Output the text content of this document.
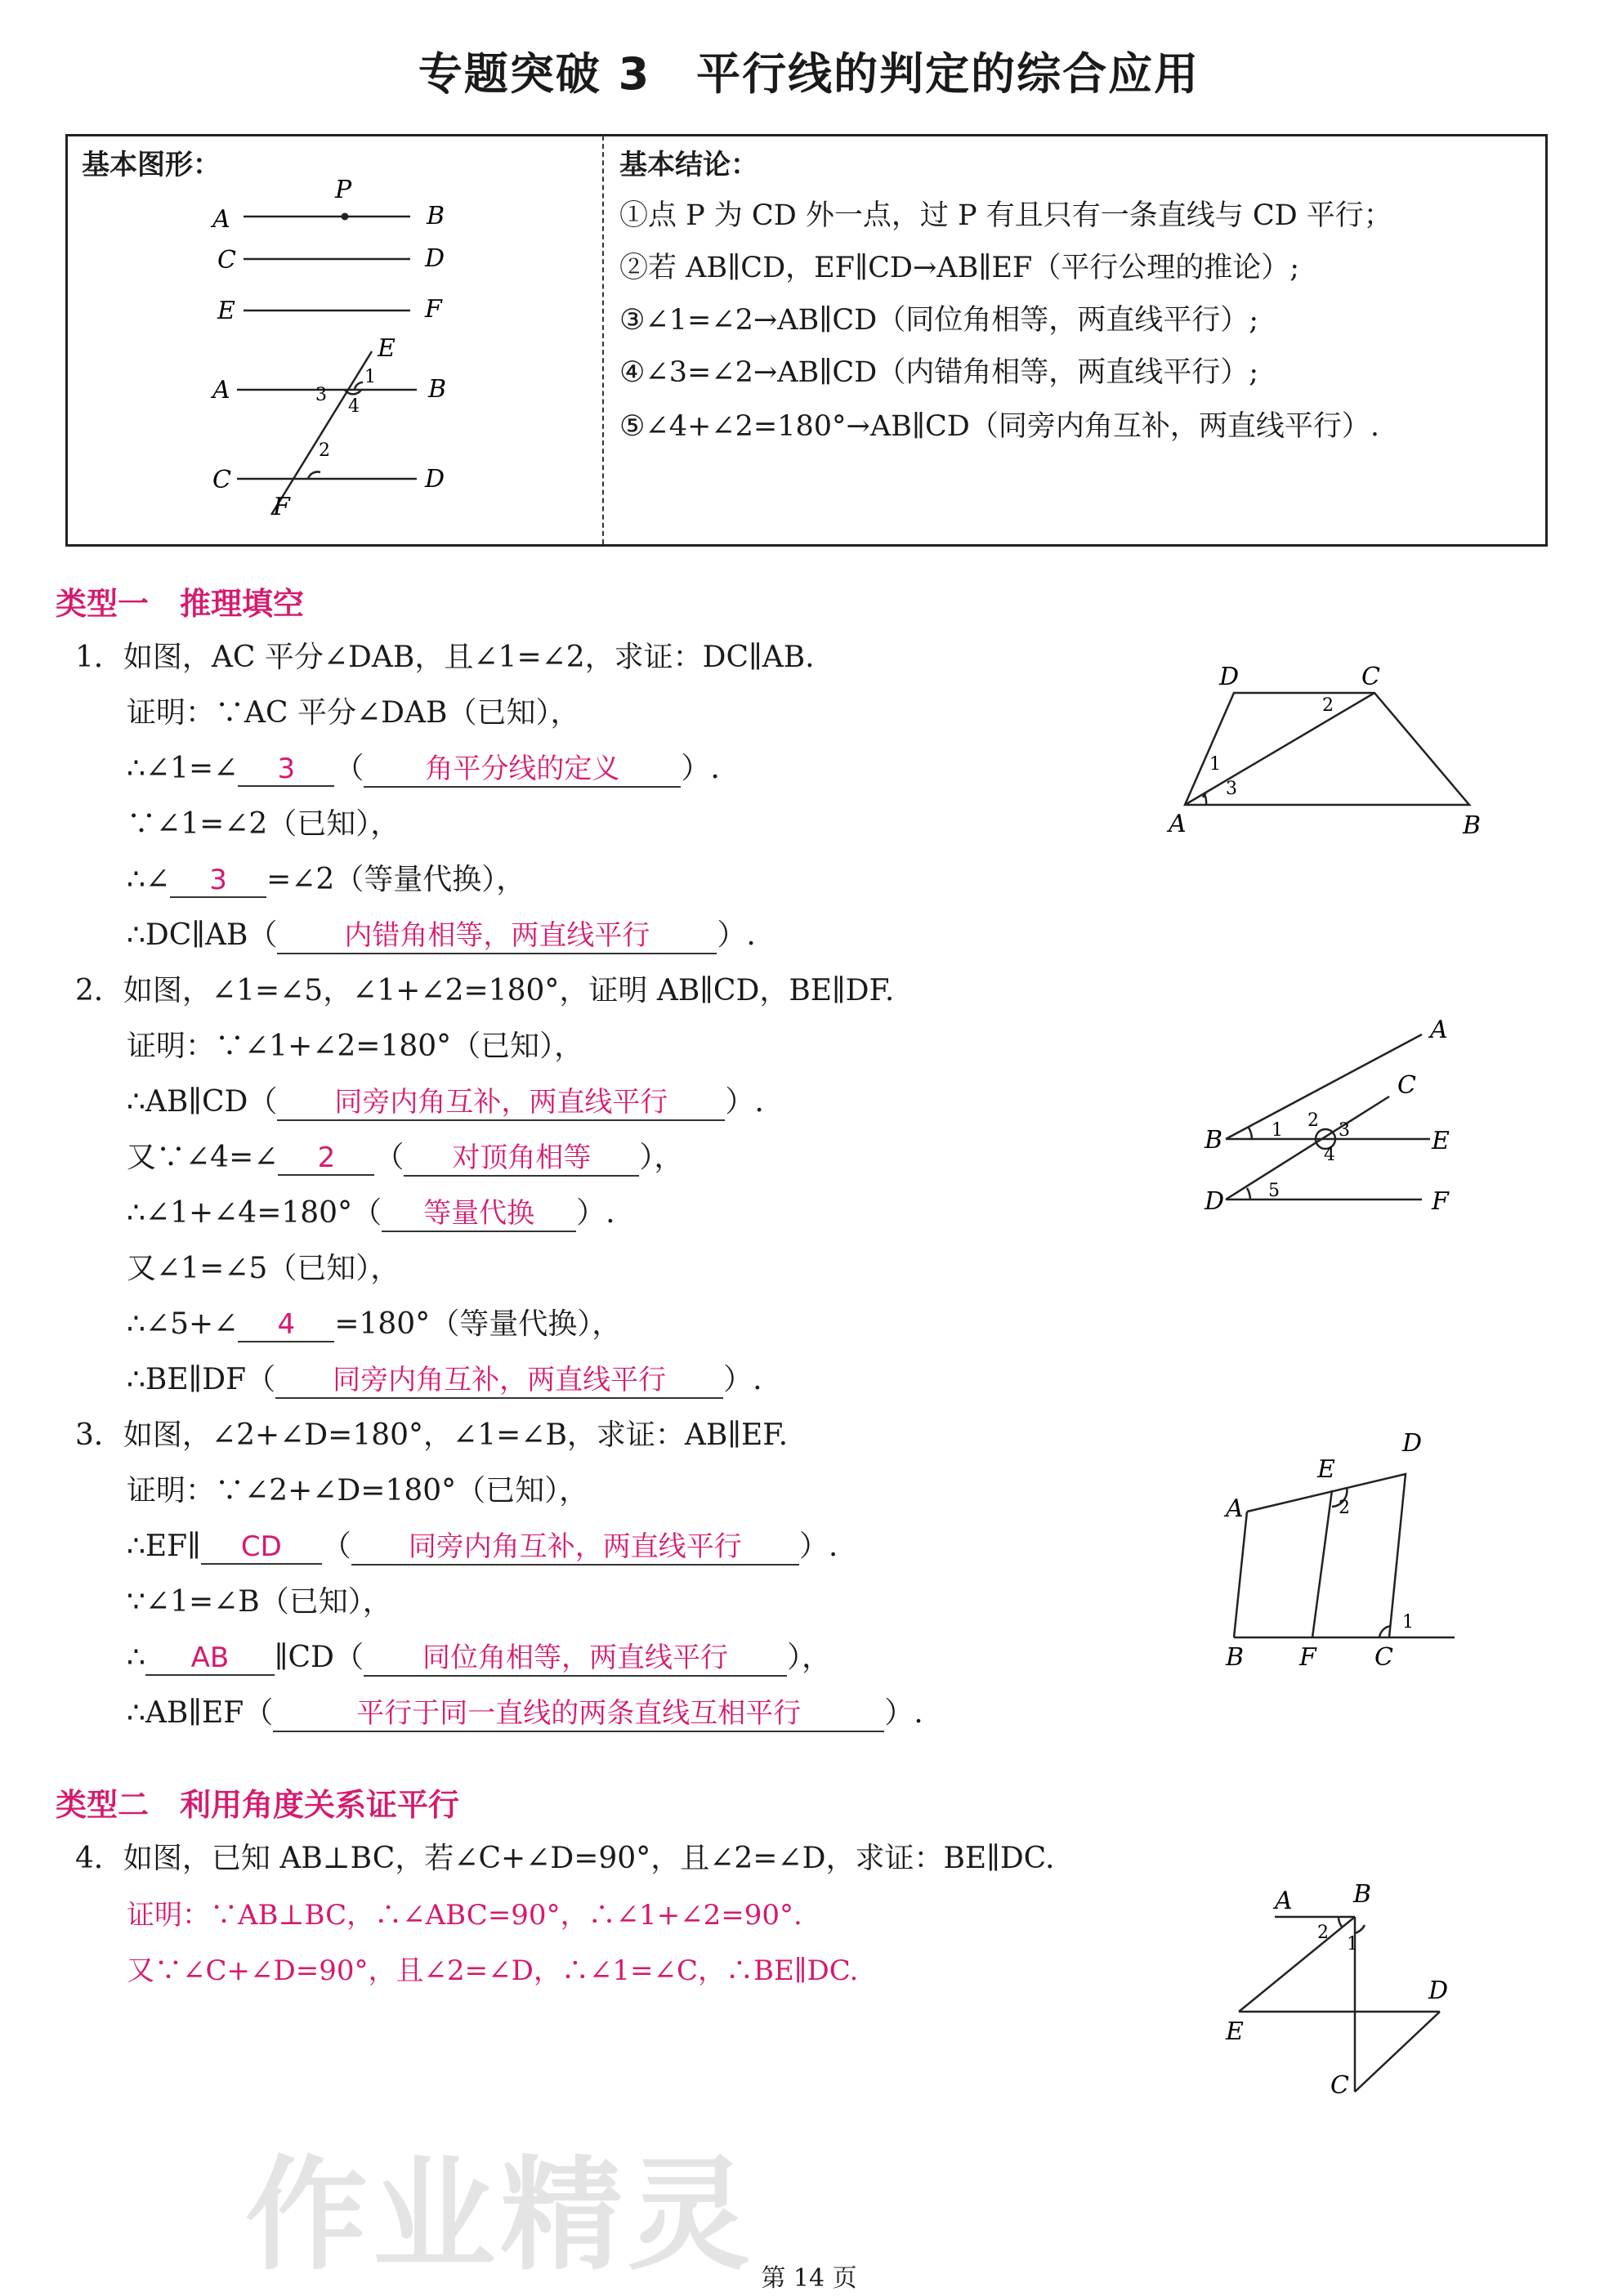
专题突破 3　平行线的判定的综合应用
基本图形：	基本结论：
①点 P 为 CD 外一点，过 P 有且只有一条直线与 CD 平行；
②若 AB∥CD，EF∥CD→AB∥EF（平行公理的推论）;
③∠1=∠2→AB∥CD（同位角相等，两直线平行）;
④∠3=∠2→AB∥CD（内错角相等，两直线平行）;
⑤∠4+∠2=180°→AB∥CD（同旁内角互补，两直线平行）.
A	B
P
C	D
E	F
A	B
E
C	D
F
1
2
3
4
类型一　推理填空
1．如图，AC 平分∠DAB，且∠1=∠2，求证：DC∥AB.
证明：∵AC 平分∠DAB（已知），
∴∠1=∠ 3 （ 角平分线的定义 ）.
∵∠1=∠2（已知），
∴∠ 3 =∠2（等量代换），
∴DC∥AB（ 内错角相等，两直线平行 ）.
A	B
D	C
1
3
2
2．如图，∠1=∠5，∠1+∠2=180°，证明 AB∥CD，BE∥DF.
证明：∵∠1+∠2=180°（已知），
∴AB∥CD（ 同旁内角互补，两直线平行 ）.
又∵∠4=∠ 2 （ 对顶角相等 ），
∴∠1+∠4=180°（ 等量代换 ）.
又∠1=∠5（已知），
∴∠5+∠ 4 =180°（等量代换），
∴BE∥DF（ 同旁内角互补，两直线平行 ）.
B
D
A
C
E
F
1 2 3
4
5
3．如图，∠2+∠D=180°，∠1=∠B，求证：AB∥EF.
证明：∵∠2+∠D=180°（已知），
∴EF∥ CD （ 同旁内角互补，两直线平行 ）.
∵∠1=∠B（已知），
∴ AB ∥CD（ 同位角相等，两直线平行 ），
∴AB∥EF（	平行于同一直线的两条直线互相平行	）.
B F C
A
E
D
2
1
类型二　利用角度关系证平行
4．如图，已知 AB⊥BC，若∠C+∠D=90°，且∠2=∠D，求证：BE∥DC.
证明：∵AB⊥BC，∴∠ABC=90°，∴∠1+∠2=90°.
又∵∠C+∠D=90°，且∠2=∠D，∴∠1=∠C，∴BE∥DC.
A B
E
D
C
2
1
作业精灵 第 14 页
